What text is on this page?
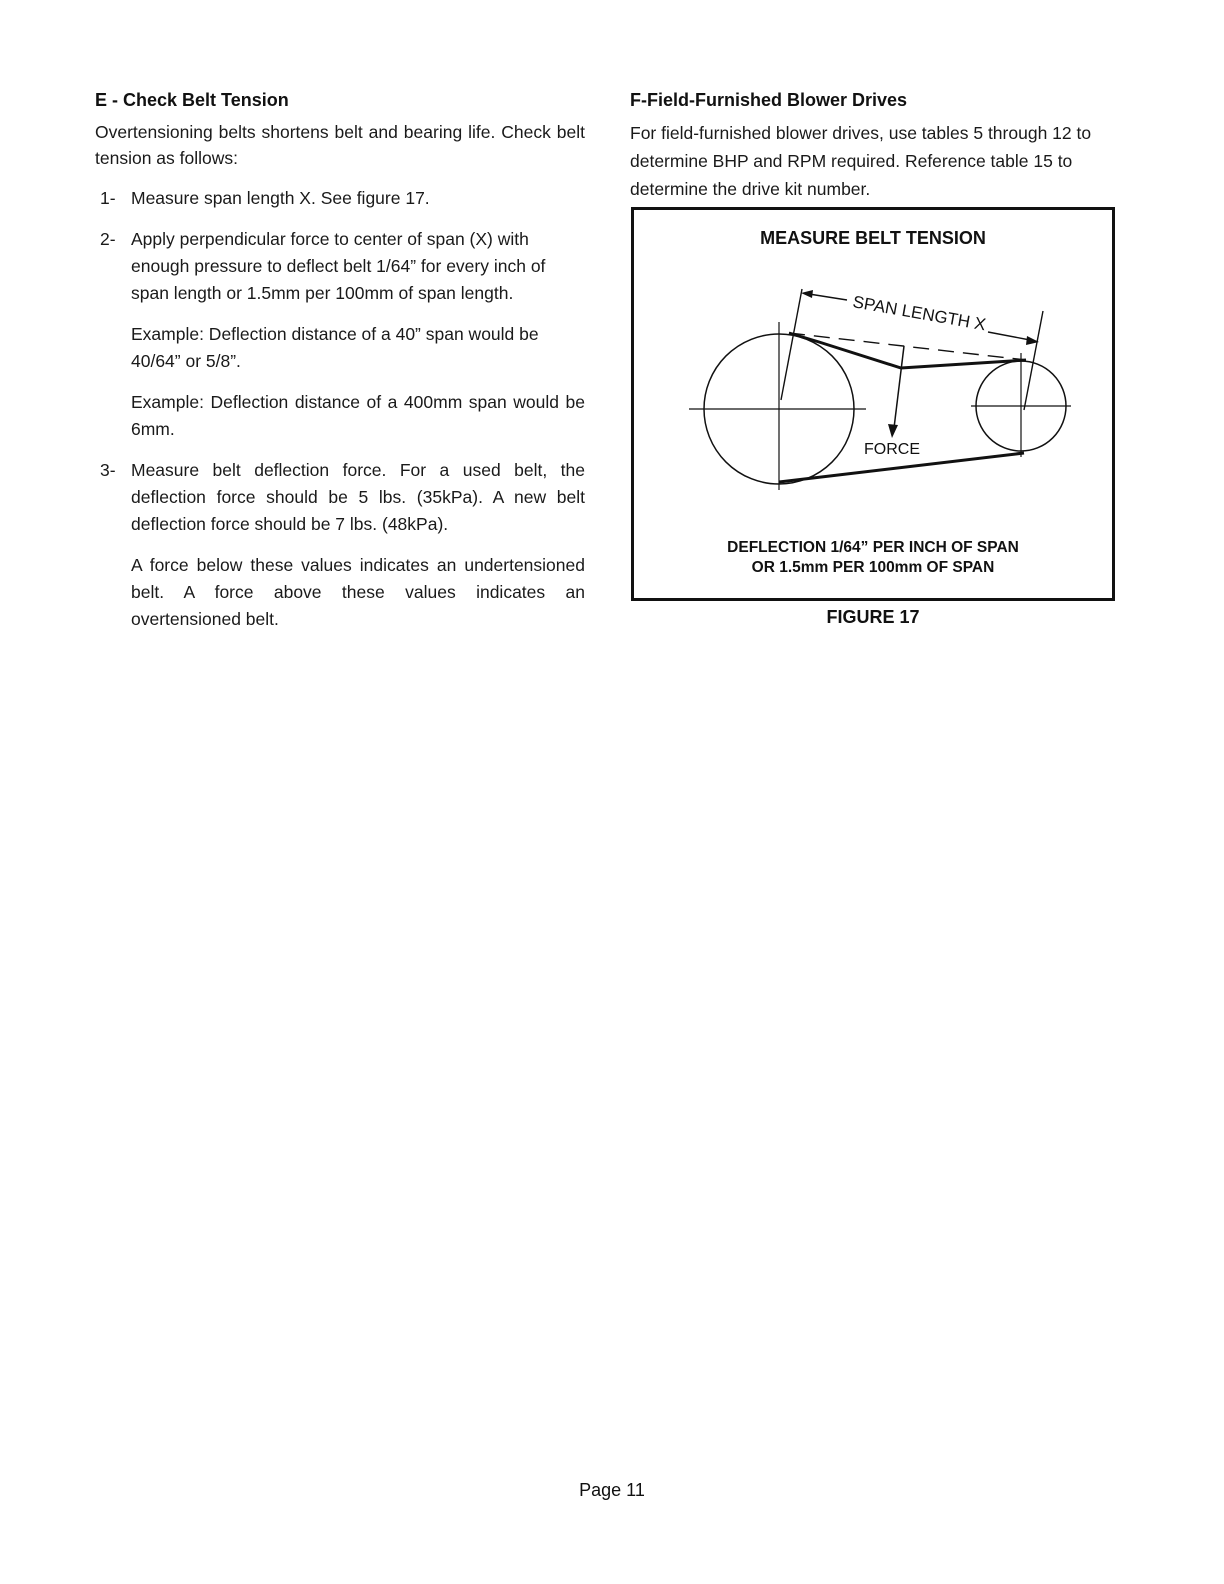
E - Check Belt Tension

Overtensioning belts shortens belt and bearing life. Check belt tension as follows:

1- Measure span length X. See figure 17.

2- Apply perpendicular force to center of span (X) with enough pressure to deflect belt 1/64” for every inch of span length or 1.5mm per 100mm of span length.

Example: Deflection distance of a 40” span would be 40/64” or 5/8”.

Example: Deflection distance of a 400mm span would be 6mm.

3- Measure belt deflection force. For a used belt, the deflection force should be 5 lbs. (35kPa). A new belt deflection force should be 7 lbs. (48kPa).

A force below these values indicates an undertensioned belt. A force above these values indicates an overtensioned belt.

F-Field-Furnished Blower Drives

For field-furnished blower drives, use tables 5 through 12 to determine BHP and RPM required. Reference table 15 to determine the drive kit number.

MEASURE BELT TENSION
SPAN LENGTH X
FORCE
DEFLECTION 1/64” PER INCH OF SPAN
OR 1.5mm PER 100mm OF SPAN
FIGURE 17
Page 11
